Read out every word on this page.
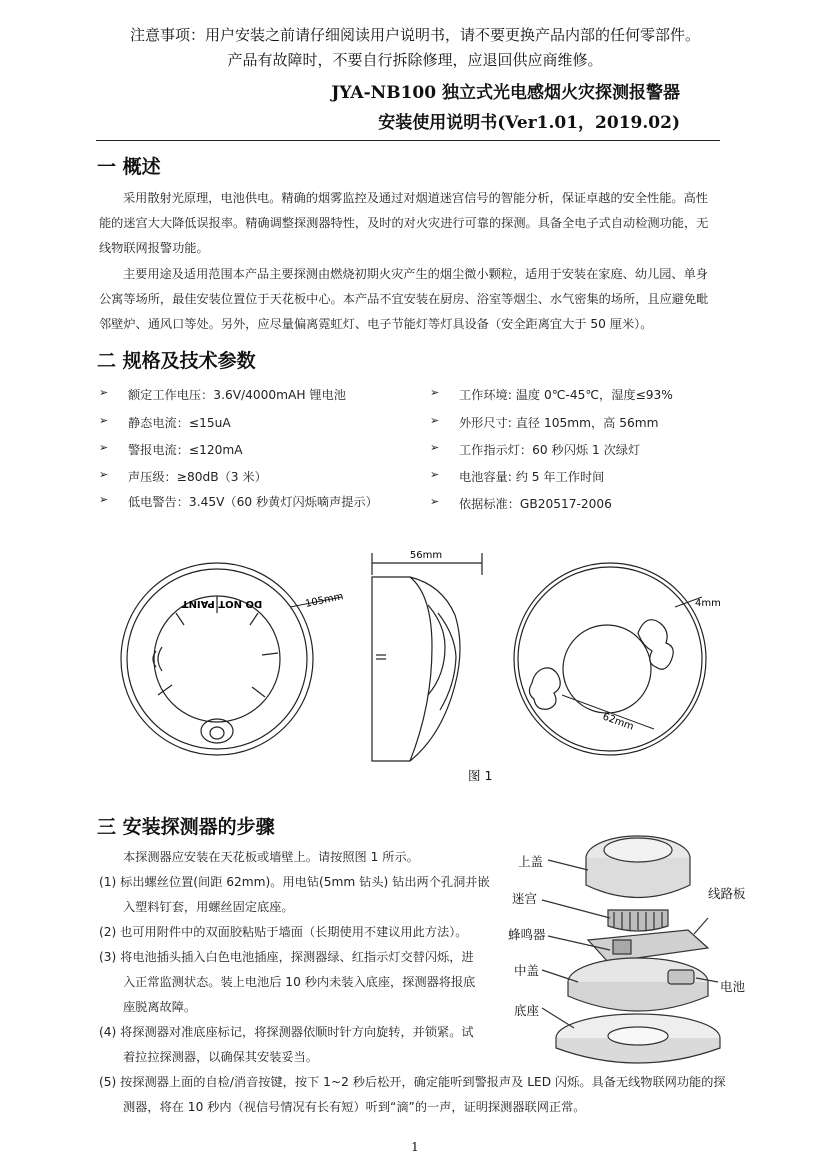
注意事项：用户安装之前请仔细阅读用户说明书，请不要更换产品内部的任何零部件。
产品有故障时，不要自行拆除修理，应退回供应商维修。
JYA-NB100 独立式光电感烟火灾探测报警器
安装使用说明书(Ver1.01，2019.02)
一 概述
采用散射光原理，电池供电。精确的烟雾监控及通过对烟道迷宫信号的智能分析，保证卓越的安全性能。高性
能的迷宫大大降低误报率。精确调整探测器特性，及时的对火灾进行可靠的探测。具备全电子式自动检测功能，无
线物联网报警功能。
主要用途及适用范围本产品主要探测由燃烧初期火灾产生的烟尘微小颗粒，适用于安装在家庭、幼儿园、单身
公寓等场所，最佳安装位置位于天花板中心。本产品不宜安装在厨房、浴室等烟尘、水气密集的场所，且应避免毗
邻壁炉、通风口等处。另外，应尽量偏离霓虹灯、电子节能灯等灯具设备（安全距离宜大于 50 厘米）。
二 规格及技术参数
➢ 额定工作电压：3.6V/4000mAH 锂电池
➢ 静态电流：≤15uA
➢ 警报电流：≤120mA
➢ 声压级：≥80dB（3 米）
➢ 低电警告：3.45V（60 秒黄灯闪烁嘀声提示）
➢ 工作环境: 温度 0℃-45℃，湿度≤93%
➢ 外形尺寸: 直径 105mm，高 56mm
➢ 工作指示灯：60 秒闪烁 1 次绿灯
➢ 电池容量: 约 5 年工作时间
➢ 依据标准：GB20517-2006
DO NOT PAINT	105mm
56mm
4mm
62mm
图 1
三 安装探测器的步骤
本探测器应安装在天花板或墙壁上。请按照图 1 所示。
(1) 标出螺丝位置(间距 62mm)。用电钻(5mm 钻头) 钻出两个孔洞并嵌
入塑料钉套，用螺丝固定底座。
(2) 也可用附件中的双面胶粘贴于墙面（长期使用不建议用此方法）。
(3) 将电池插头插入白色电池插座，探测器绿、红指示灯交替闪烁，进
入正常监测状态。装上电池后 10 秒内未装入底座，探测器将报底
座脱离故障。
(4) 将探测器对准底座标记，将探测器依顺时针方向旋转，并锁紧。试
着拉拉探测器，以确保其安装妥当。
(5) 按探测器上面的自检/消音按键，按下 1~2 秒后松开，确定能听到警报声及 LED 闪烁。具备无线物联网功能的探
测器，将在 10 秒内（视信号情况有长有短）听到“滴”的一声，证明探测器联网正常。
上盖
迷宫
蜂鸣器
中盖
底座
线路板
电池
1
